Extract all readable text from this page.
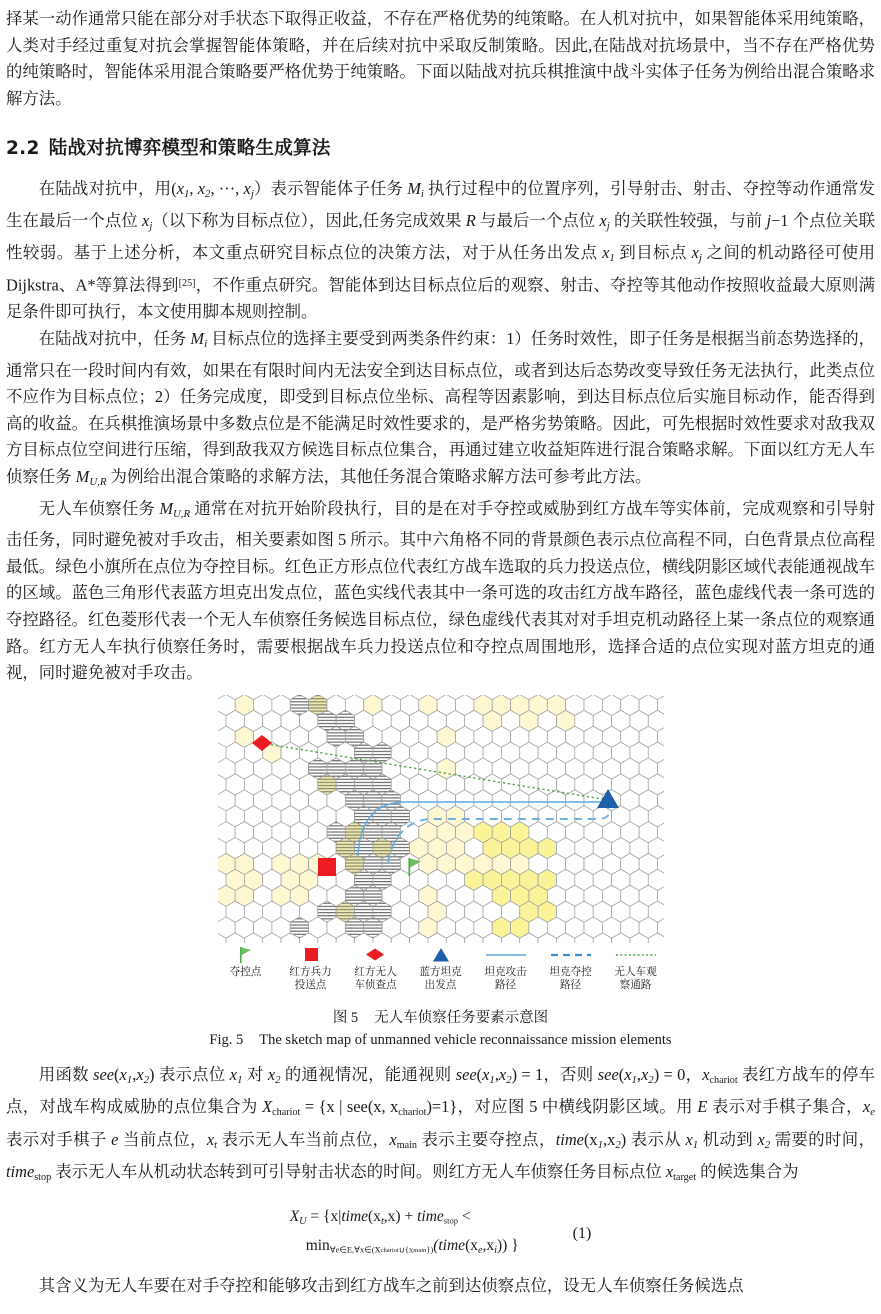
择某一动作通常只能在部分对手状态下取得正收益，不存在严格优势的纯策略。在人机对抗中，如果智能体采用纯策略，人类对手经过重复对抗会掌握智能体策略，并在后续对抗中采取反制策略。因此,在陆战对抗场景中，当不存在严格优势的纯策略时，智能体采用混合策略要严格优势于纯策略。下面以陆战对抗兵棋推演中战斗实体子任务为例给出混合策略求解方法。

2.2 陆战对抗博弈模型和策略生成算法

在陆战对抗中，用($x_1$, $x_2$, ···, $x_j$）表示智能体子任务 $M_i$ 执行过程中的位置序列，引导射击、射击、夺控等动作通常发生在最后一个点位 $x_j$（以下称为目标点位），因此,任务完成效果 R 与最后一个点位 $x_j$ 的关联性较强，与前 j−1 个点位关联性较弱。基于上述分析，本文重点研究目标点位的决策方法，对于从任务出发点 $x_1$ 到目标点 $x_j$ 之间的机动路径可使用 Dijkstra、A*等算法得到[25]，不作重点研究。智能体到达目标点位后的观察、射击、夺控等其他动作按照收益最大原则满足条件即可执行，本文使用脚本规则控制。

在陆战对抗中，任务 $M_i$ 目标点位的选择主要受到两类条件约束：1）任务时效性，即子任务是根据当前态势选择的，通常只在一段时间内有效，如果在有限时间内无法安全到达目标点位，或者到达后态势改变导致任务无法执行，此类点位不应作为目标点位；2）任务完成度，即受到目标点位坐标、高程等因素影响，到达目标点位后实施目标动作，能否得到高的收益。在兵棋推演场景中多数点位是不能满足时效性要求的，是严格劣势策略。因此，可先根据时效性要求对敌我双方目标点位空间进行压缩，得到敌我双方候选目标点位集合，再通过建立收益矩阵进行混合策略求解。下面以红方无人车侦察任务 $M_{U,R}$ 为例给出混合策略的求解方法，其他任务混合策略求解方法可参考此方法。

无人车侦察任务 $M_{U,R}$ 通常在对抗开始阶段执行，目的是在对手夺控或威胁到红方战车等实体前，完成观察和引导射击任务，同时避免被对手攻击，相关要素如图 5 所示。其中六角格不同的背景颜色表示点位高程不同，白色背景点位高程最低。绿色小旗所在点位为夺控目标。红色正方形点位代表红方战车选取的兵力投送点位，横线阴影区域代表能通视战车的区域。蓝色三角形代表蓝方坦克出发点位，蓝色实线代表其中一条可选的攻击红方战车路径，蓝色虚线代表一条可选的夺控路径。红色菱形代表一个无人车侦察任务候选目标点位，绿色虚线代表其对对手坦克机动路径上某一条点位的观察通路。红方无人车执行侦察任务时，需要根据战车兵力投送点位和夺控点周围地形，选择合适的点位实现对蓝方坦克的通视，同时避免被对手攻击。

夺控点	红方兵力
投送点
红方无人
车侦查点
蓝方坦克
出发点
坦克攻击
路径
坦克夺控
路径
无人车观
察通路
图 5 无人车侦察任务要素示意图
Fig. 5 The sketch map of unmanned vehicle reconnaissance mission elements

用函数 $see(x_1,x_2)$ 表示点位 $x_1$ 对 $x_2$ 的通视情况，能通视则 $see(x_1,x_2) = 1$，否则 $see(x_1,x_2) = 0$，xchariot 表红方战车的停车点，对战车构成威胁的点位集合为 Xchariot = {x | see(x, xchariot)=1}，对应图 5 中横线阴影区域。用 E 表示对手棋子集合，$x_e$ 表示对手棋子 e 当前点位，$x_t$ 表示无人车当前点位，xmain 表示主要夺控点，$time(x_1,x_2)$ 表示从 $x_1$ 机动到 $x_2$ 需要的时间，timestop 表示无人车从机动状态转到可引导射击状态的时间。则红方无人车侦察任务目标点位 xtarget 的候选集合为

$X_U$ = {$x|time(x_t,x)$ + timestop <
$\min\forall e\in E,\forall x\in(Xchariot\cup\{xmain\})(time(x_e,x_i))$ }
(1)

其含义为无人车要在对手夺控和能够攻击到红方战车之前到达侦察点位，设无人车侦察任务候选点
